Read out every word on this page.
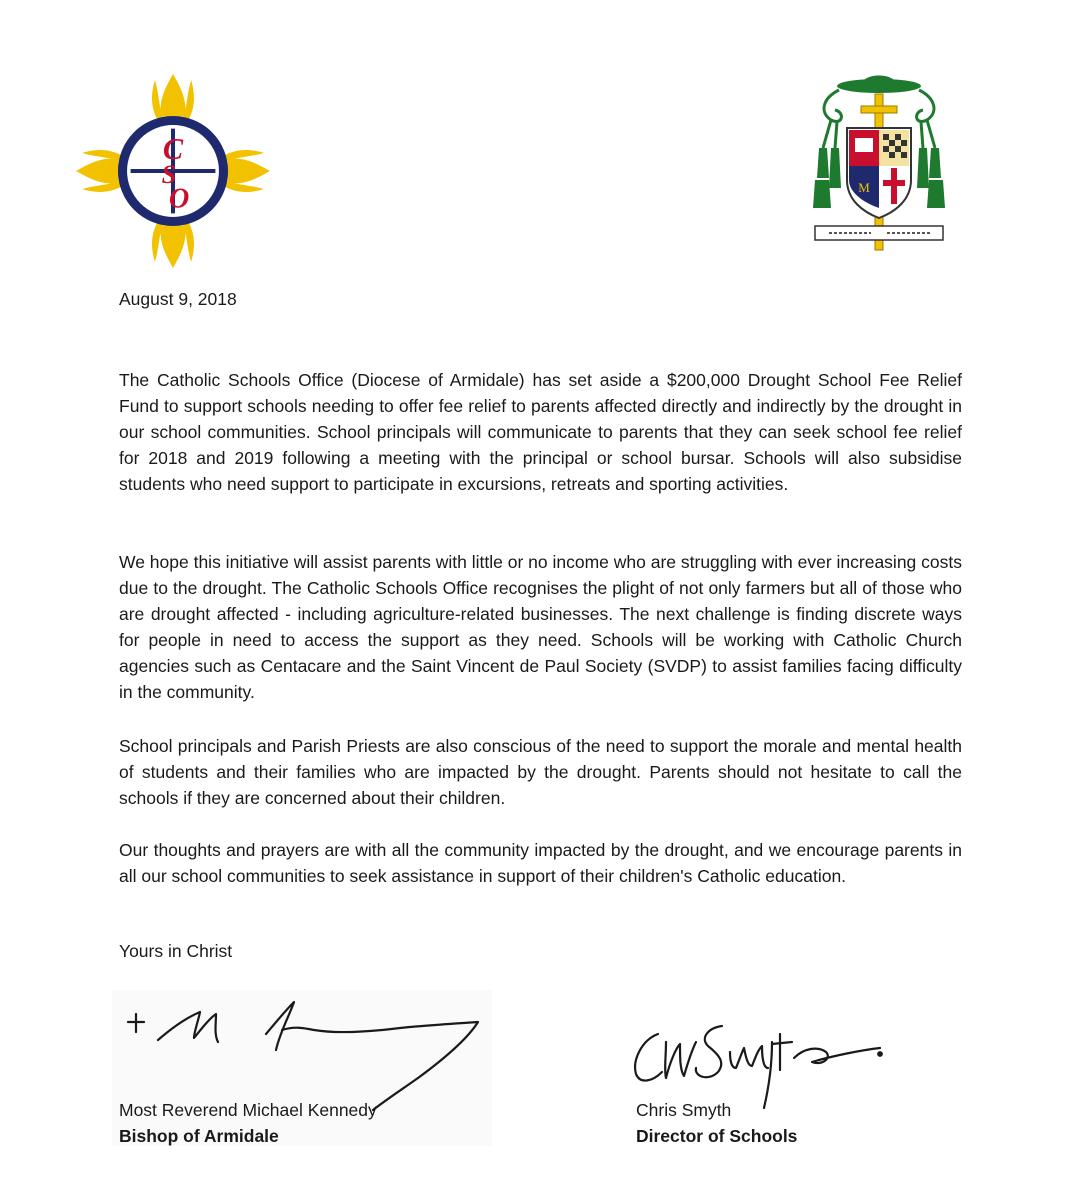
C
S
O	M
August 9, 2018

The Catholic Schools Office (Diocese of Armidale) has set aside a $200,000 Drought School Fee Relief Fund to support schools needing to offer fee relief to parents affected directly and indirectly by the drought in our school communities. School principals will communicate to parents that they can seek school fee relief for 2018 and 2019 following a meeting with the principal or school bursar. Schools will also subsidise students who need support to participate in excursions, retreats and sporting activities.

We hope this initiative will assist parents with little or no income who are struggling with ever increasing costs due to the drought. The Catholic Schools Office recognises the plight of not only farmers but all of those who are drought affected - including agriculture-related businesses. The next challenge is finding discrete ways for people in need to access the support as they need. Schools will be working with Catholic Church agencies such as Centacare and the Saint Vincent de Paul Society (SVDP) to assist families facing difficulty in the community.

School principals and Parish Priests are also conscious of the need to support the morale and mental health of students and their families who are impacted by the drought. Parents should not hesitate to call the schools if they are concerned about their children.

Our thoughts and prayers are with all the community impacted by the drought, and we encourage parents in all our school communities to seek assistance in support of their children's Catholic education.

Yours in Christ
Most Reverend Michael Kennedy
Bishop of Armidale
Chris Smyth
Director of Schools
